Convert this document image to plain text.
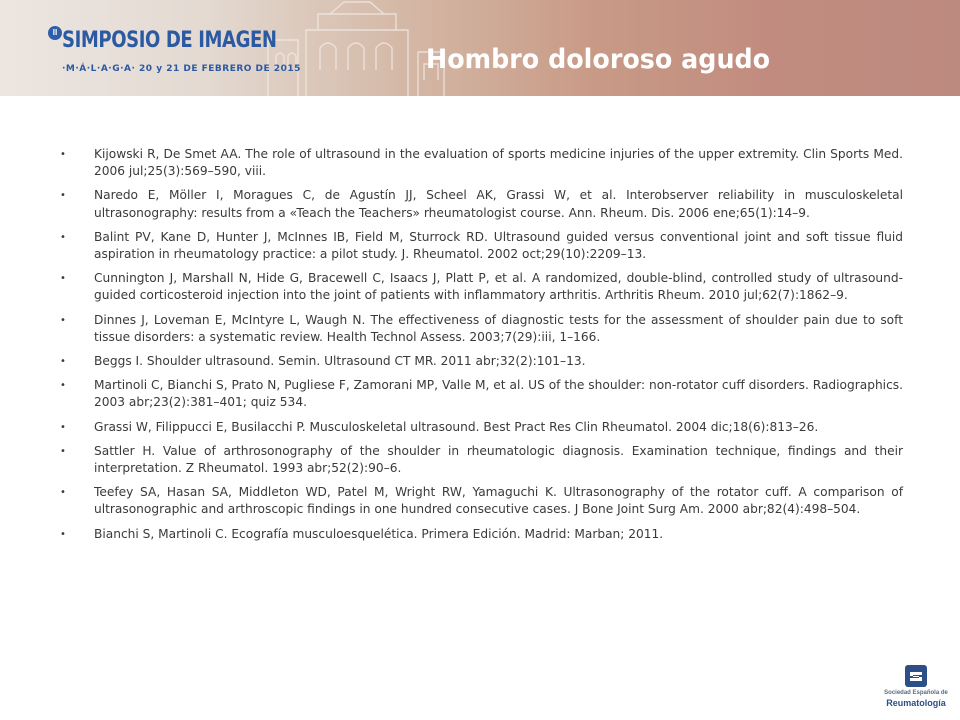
II SIMPOSIO DE IMAGEN
·M·Á·L·A·G·A· 20 y 21 DE FEBRERO DE 2015	Hombro doloroso agudo
• Kijowski R, De Smet AA. The role of ultrasound in the evaluation of sports medicine injuries of the upper extremity. Clin Sports Med. 2006 jul;25(3):569–590, viii.
• Naredo E, Möller I, Moragues C, de Agustín JJ, Scheel AK, Grassi W, et al. Interobserver reliability in musculoskeletal ultrasonography: results from a «Teach the Teachers» rheumatologist course. Ann. Rheum. Dis. 2006 ene;65(1):14–9.
• Balint PV, Kane D, Hunter J, McInnes IB, Field M, Sturrock RD. Ultrasound guided versus conventional joint and soft tissue fluid aspiration in rheumatology practice: a pilot study. J. Rheumatol. 2002 oct;29(10):2209–13.
• Cunnington J, Marshall N, Hide G, Bracewell C, Isaacs J, Platt P, et al. A randomized, double-blind, controlled study of ultrasound-guided corticosteroid injection into the joint of patients with inflammatory arthritis. Arthritis Rheum. 2010 jul;62(7):1862–9.
• Dinnes J, Loveman E, McIntyre L, Waugh N. The effectiveness of diagnostic tests for the assessment of shoulder pain due to soft tissue disorders: a systematic review. Health Technol Assess. 2003;7(29):iii, 1–166.
• Beggs I. Shoulder ultrasound. Semin. Ultrasound CT MR. 2011 abr;32(2):101–13.
• Martinoli C, Bianchi S, Prato N, Pugliese F, Zamorani MP, Valle M, et al. US of the shoulder: non-rotator cuff disorders. Radiographics. 2003 abr;23(2):381–401; quiz 534.
• Grassi W, Filippucci E, Busilacchi P. Musculoskeletal ultrasound. Best Pract Res Clin Rheumatol. 2004 dic;18(6):813–26.
• Sattler H. Value of arthrosonography of the shoulder in rheumatologic diagnosis. Examination technique, findings and their interpretation. Z Rheumatol. 1993 abr;52(2):90–6.
• Teefey SA, Hasan SA, Middleton WD, Patel M, Wright RW, Yamaguchi K. Ultrasonography of the rotator cuff. A comparison of ultrasonographic and arthroscopic findings in one hundred consecutive cases. J Bone Joint Surg Am. 2000 abr;82(4):498–504.
• Bianchi S, Martinoli C. Ecografía musculoesquelética. Primera Edición. Madrid: Marban; 2011.
Sociedad Española de
Reumatología
